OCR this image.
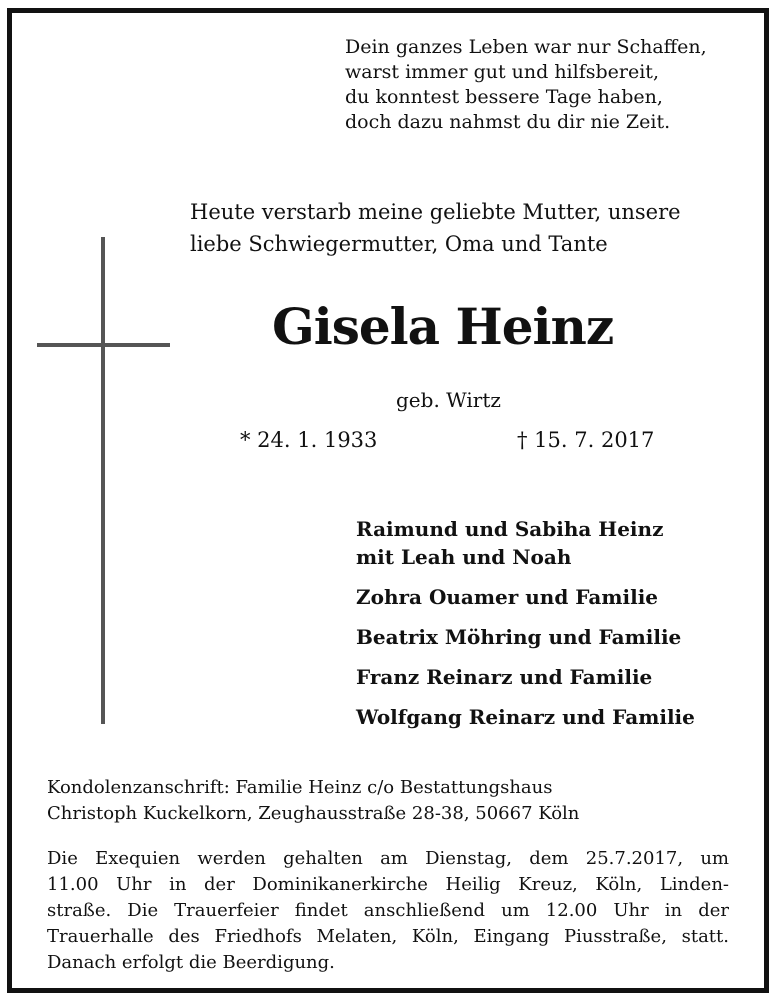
Dein ganzes Leben war nur Schaffen,
warst immer gut und hilfsbereit,
du konntest bessere Tage haben,
doch dazu nahmst du dir nie Zeit.
Heute verstarb meine geliebte Mutter, unsere
liebe Schwiegermutter, Oma und Tante
Gisela Heinz
geb. Wirtz
* 24. 1. 1933	† 15. 7. 2017
Raimund und Sabiha Heinz
mit Leah und Noah
Zohra Ouamer und Familie
Beatrix Möhring und Familie
Franz Reinarz und Familie
Wolfgang Reinarz und Familie
Kondolenzanschrift: Familie Heinz c/o Bestattungshaus
Christoph Kuckelkorn, Zeughausstraße 28-38, 50667 Köln
Die Exequien werden gehalten am Dienstag, dem 25.7.2017, um
11.00 Uhr in der Dominikanerkirche Heilig Kreuz, Köln, Linden-
straße. Die Trauerfeier findet anschließend um 12.00 Uhr in der
Trauerhalle des Friedhofs Melaten, Köln, Eingang Piusstraße, statt.
Danach erfolgt die Beerdigung.
